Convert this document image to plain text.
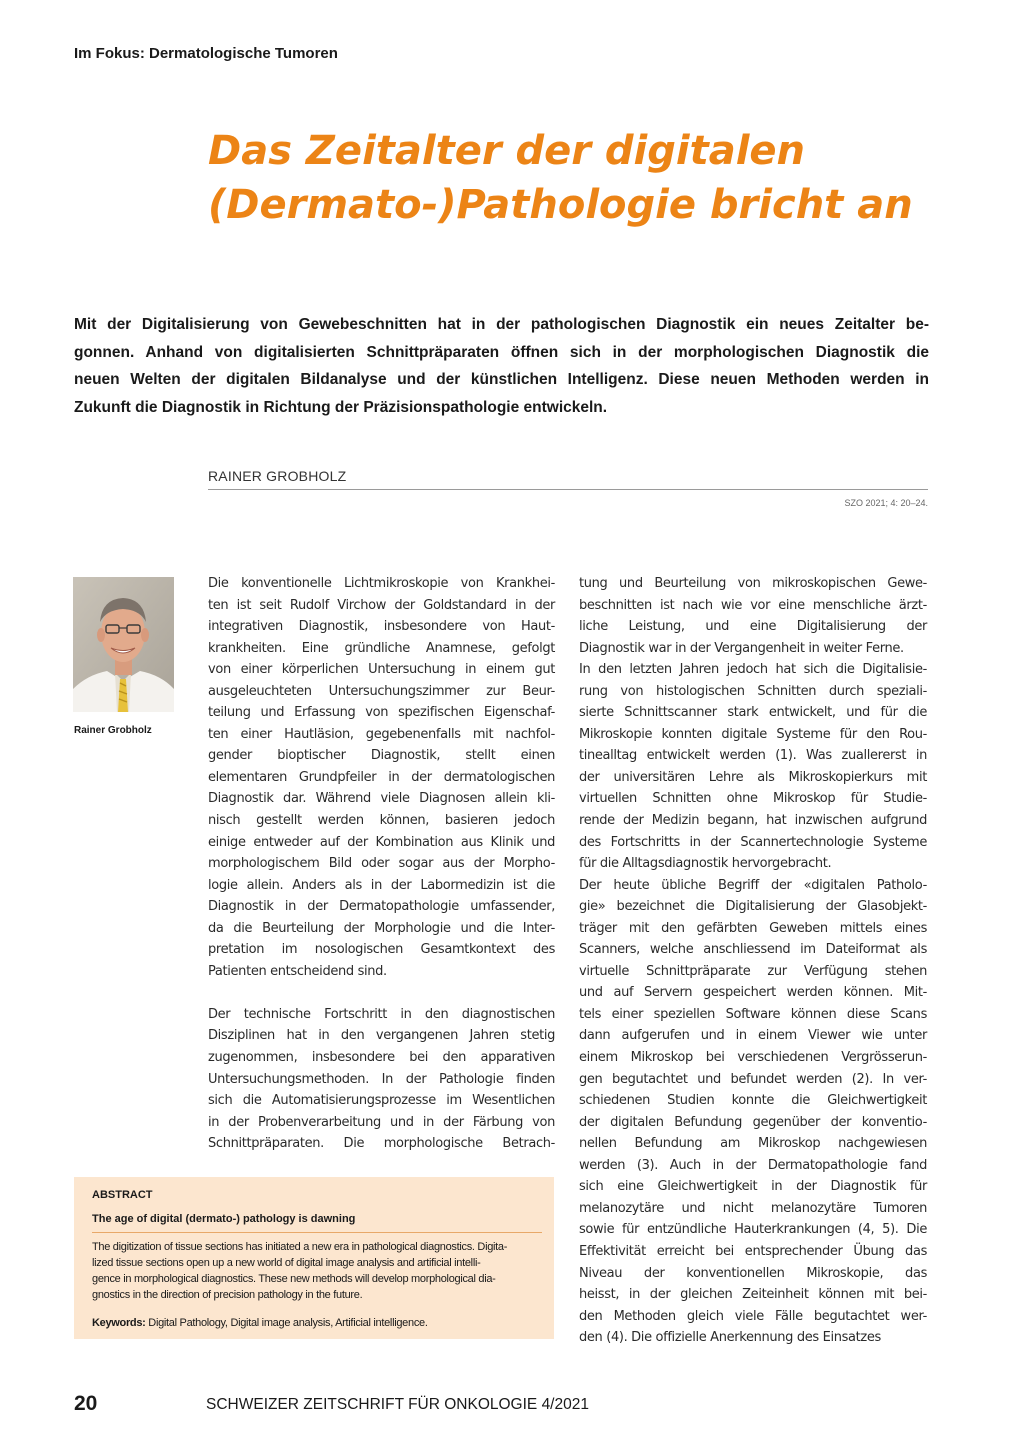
Im Fokus: Dermatologische Tumoren
Das Zeitalter der digitalen
(Dermato-)Pathologie bricht an
Mit der Digitalisierung von Gewebeschnitten hat in der pathologischen Diagnostik ein neues Zeitalter be-
gonnen. Anhand von digitalisierten Schnittpräparaten öffnen sich in der morphologischen Diagnostik die
neuen Welten der digitalen Bildanalyse und der künstlichen Intelligenz. Diese neuen Methoden werden in
Zukunft die Diagnostik in Richtung der Präzisionspathologie entwickeln.
RAINER GROBHOLZ
SZO 2021; 4: 20–24.
Rainer Grobholz
Die konventionelle Lichtmikroskopie von Krankhei-
ten ist seit Rudolf Virchow der Goldstandard in der
integrativen Diagnostik, insbesondere von Haut-
krankheiten. Eine gründliche Anamnese, gefolgt
von einer körperlichen Untersuchung in einem gut
ausgeleuchteten Untersuchungszimmer zur Beur-
teilung und Erfassung von spezifischen Eigenschaf-
ten einer Hautläsion, gegebenenfalls mit nachfol-
gender bioptischer Diagnostik, stellt einen
elementaren Grundpfeiler in der dermatologischen
Diagnostik dar. Während viele Diagnosen allein kli-
nisch gestellt werden können, basieren jedoch
einige entweder auf der Kombination aus Klinik und
morphologischem Bild oder sogar aus der Morpho-
logie allein. Anders als in der Labormedizin ist die
Diagnostik in der Dermatopathologie umfassender,
da die Beurteilung der Morphologie und die Inter-
pretation im nosologischen Gesamtkontext des
Patienten entscheidend sind.
Der technische Fortschritt in den diagnostischen
Disziplinen hat in den vergangenen Jahren stetig
zugenommen, insbesondere bei den apparativen
Untersuchungsmethoden. In der Pathologie finden
sich die Automatisierungsprozesse im Wesentlichen
in der Probenverarbeitung und in der Färbung von
Schnittpräparaten. Die morphologische Betrach-
tung und Beurteilung von mikroskopischen Gewe-
beschnitten ist nach wie vor eine menschliche ärzt-
liche Leistung, und eine Digitalisierung der
Diagnostik war in der Vergangenheit in weiter Ferne.
In den letzten Jahren jedoch hat sich die Digitalisie-
rung von histologischen Schnitten durch speziali-
sierte Schnittscanner stark entwickelt, und für die
Mikroskopie konnten digitale Systeme für den Rou-
tinealltag entwickelt werden (1). Was zuallererst in
der universitären Lehre als Mikroskopierkurs mit
virtuellen Schnitten ohne Mikroskop für Studie-
rende der Medizin begann, hat inzwischen aufgrund
des Fortschritts in der Scannertechnologie Systeme
für die Alltagsdiagnostik hervorgebracht.
Der heute übliche Begriff der «digitalen Patholo-
gie» bezeichnet die Digitalisierung der Glasobjekt-
träger mit den gefärbten Geweben mittels eines
Scanners, welche anschliessend im Dateiformat als
virtuelle Schnittpräparate zur Verfügung stehen
und auf Servern gespeichert werden können. Mit-
tels einer speziellen Software können diese Scans
dann aufgerufen und in einem Viewer wie unter
einem Mikroskop bei verschiedenen Vergrösserun-
gen begutachtet und befundet werden (2). In ver-
schiedenen Studien konnte die Gleichwertigkeit
der digitalen Befundung gegenüber der konventio-
nellen Befundung am Mikroskop nachgewiesen
werden (3). Auch in der Dermatopathologie fand
sich eine Gleichwertigkeit in der Diagnostik für
melanozytäre und nicht melanozytäre Tumoren
sowie für entzündliche Hauterkrankungen (4, 5). Die
Effektivität erreicht bei entsprechender Übung das
Niveau der konventionellen Mikroskopie, das
heisst, in der gleichen Zeiteinheit können mit bei-
den Methoden gleich viele Fälle begutachtet wer-
den (4). Die offizielle Anerkennung des Einsatzes
ABSTRACT
The age of digital (dermato-) pathology is dawning
The digitization of tissue sections has initiated a new era in pathological diagnostics. Digita-
lized tissue sections open up a new world of digital image analysis and artificial intelli-
gence in morphological diagnostics. These new methods will develop morphological dia-
gnostics in the direction of precision pathology in the future.
Keywords: Digital Pathology, Digital image analysis, Artificial intelligence.
20	SCHWEIZER ZEITSCHRIFT FÜR ONKOLOGIE 4/2021
